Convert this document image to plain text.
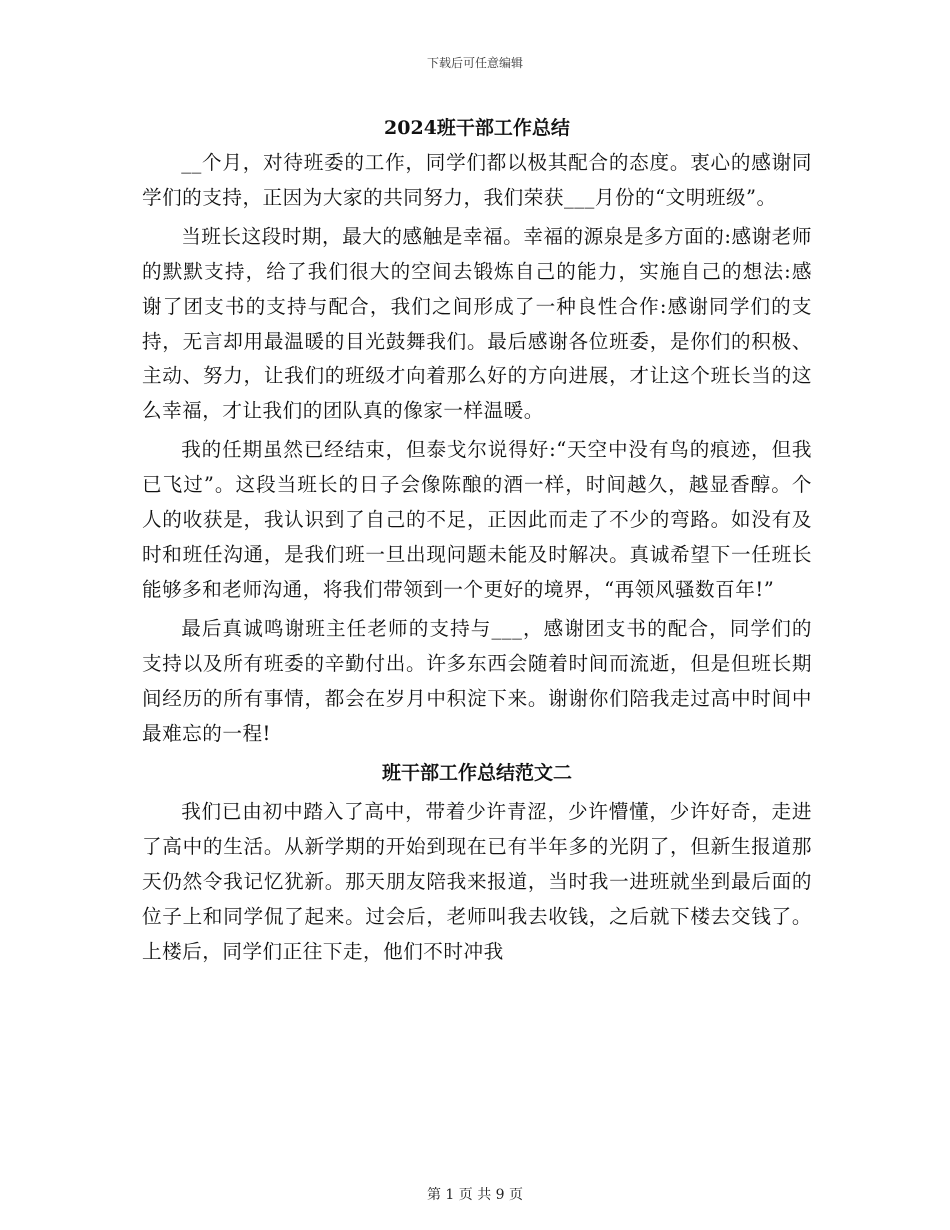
下载后可任意编辑
2024班干部工作总结

__个月，对待班委的工作，同学们都以极其配合的态度。衷心的感谢同学们的支持，正因为大家的共同努力，我们荣获___月份的“文明班级”。

当班长这段时期，最大的感触是幸福。幸福的源泉是多方面的:感谢老师的默默支持，给了我们很大的空间去锻炼自己的能力，实施自己的想法:感谢了团支书的支持与配合，我们之间形成了一种良性合作:感谢同学们的支持，无言却用最温暖的目光鼓舞我们。最后感谢各位班委，是你们的积极、主动、努力，让我们的班级才向着那么好的方向进展，才让这个班长当的这么幸福，才让我们的团队真的像家一样温暖。

我的任期虽然已经结束，但泰戈尔说得好:“天空中没有鸟的痕迹，但我已飞过”。这段当班长的日子会像陈酿的酒一样，时间越久，越显香醇。个人的收获是，我认识到了自己的不足，正因此而走了不少的弯路。如没有及时和班任沟通，是我们班一旦出现问题未能及时解决。真诚希望下一任班长能够多和老师沟通，将我们带领到一个更好的境界，“再领风骚数百年!”

最后真诚鸣谢班主任老师的支持与___，感谢团支书的配合，同学们的支持以及所有班委的辛勤付出。许多东西会随着时间而流逝，但是但班长期间经历的所有事情，都会在岁月中积淀下来。谢谢你们陪我走过高中时间中最难忘的一程!

班干部工作总结范文二

我们已由初中踏入了高中，带着少许青涩，少许懵懂，少许好奇，走进了高中的生活。从新学期的开始到现在已有半年多的光阴了，但新生报道那天仍然令我记忆犹新。那天朋友陪我来报道，当时我一进班就坐到最后面的位子上和同学侃了起来。过会后，老师叫我去收钱，之后就下楼去交钱了。上楼后，同学们正往下走，他们不时冲我

第 1 页 共 9 页
